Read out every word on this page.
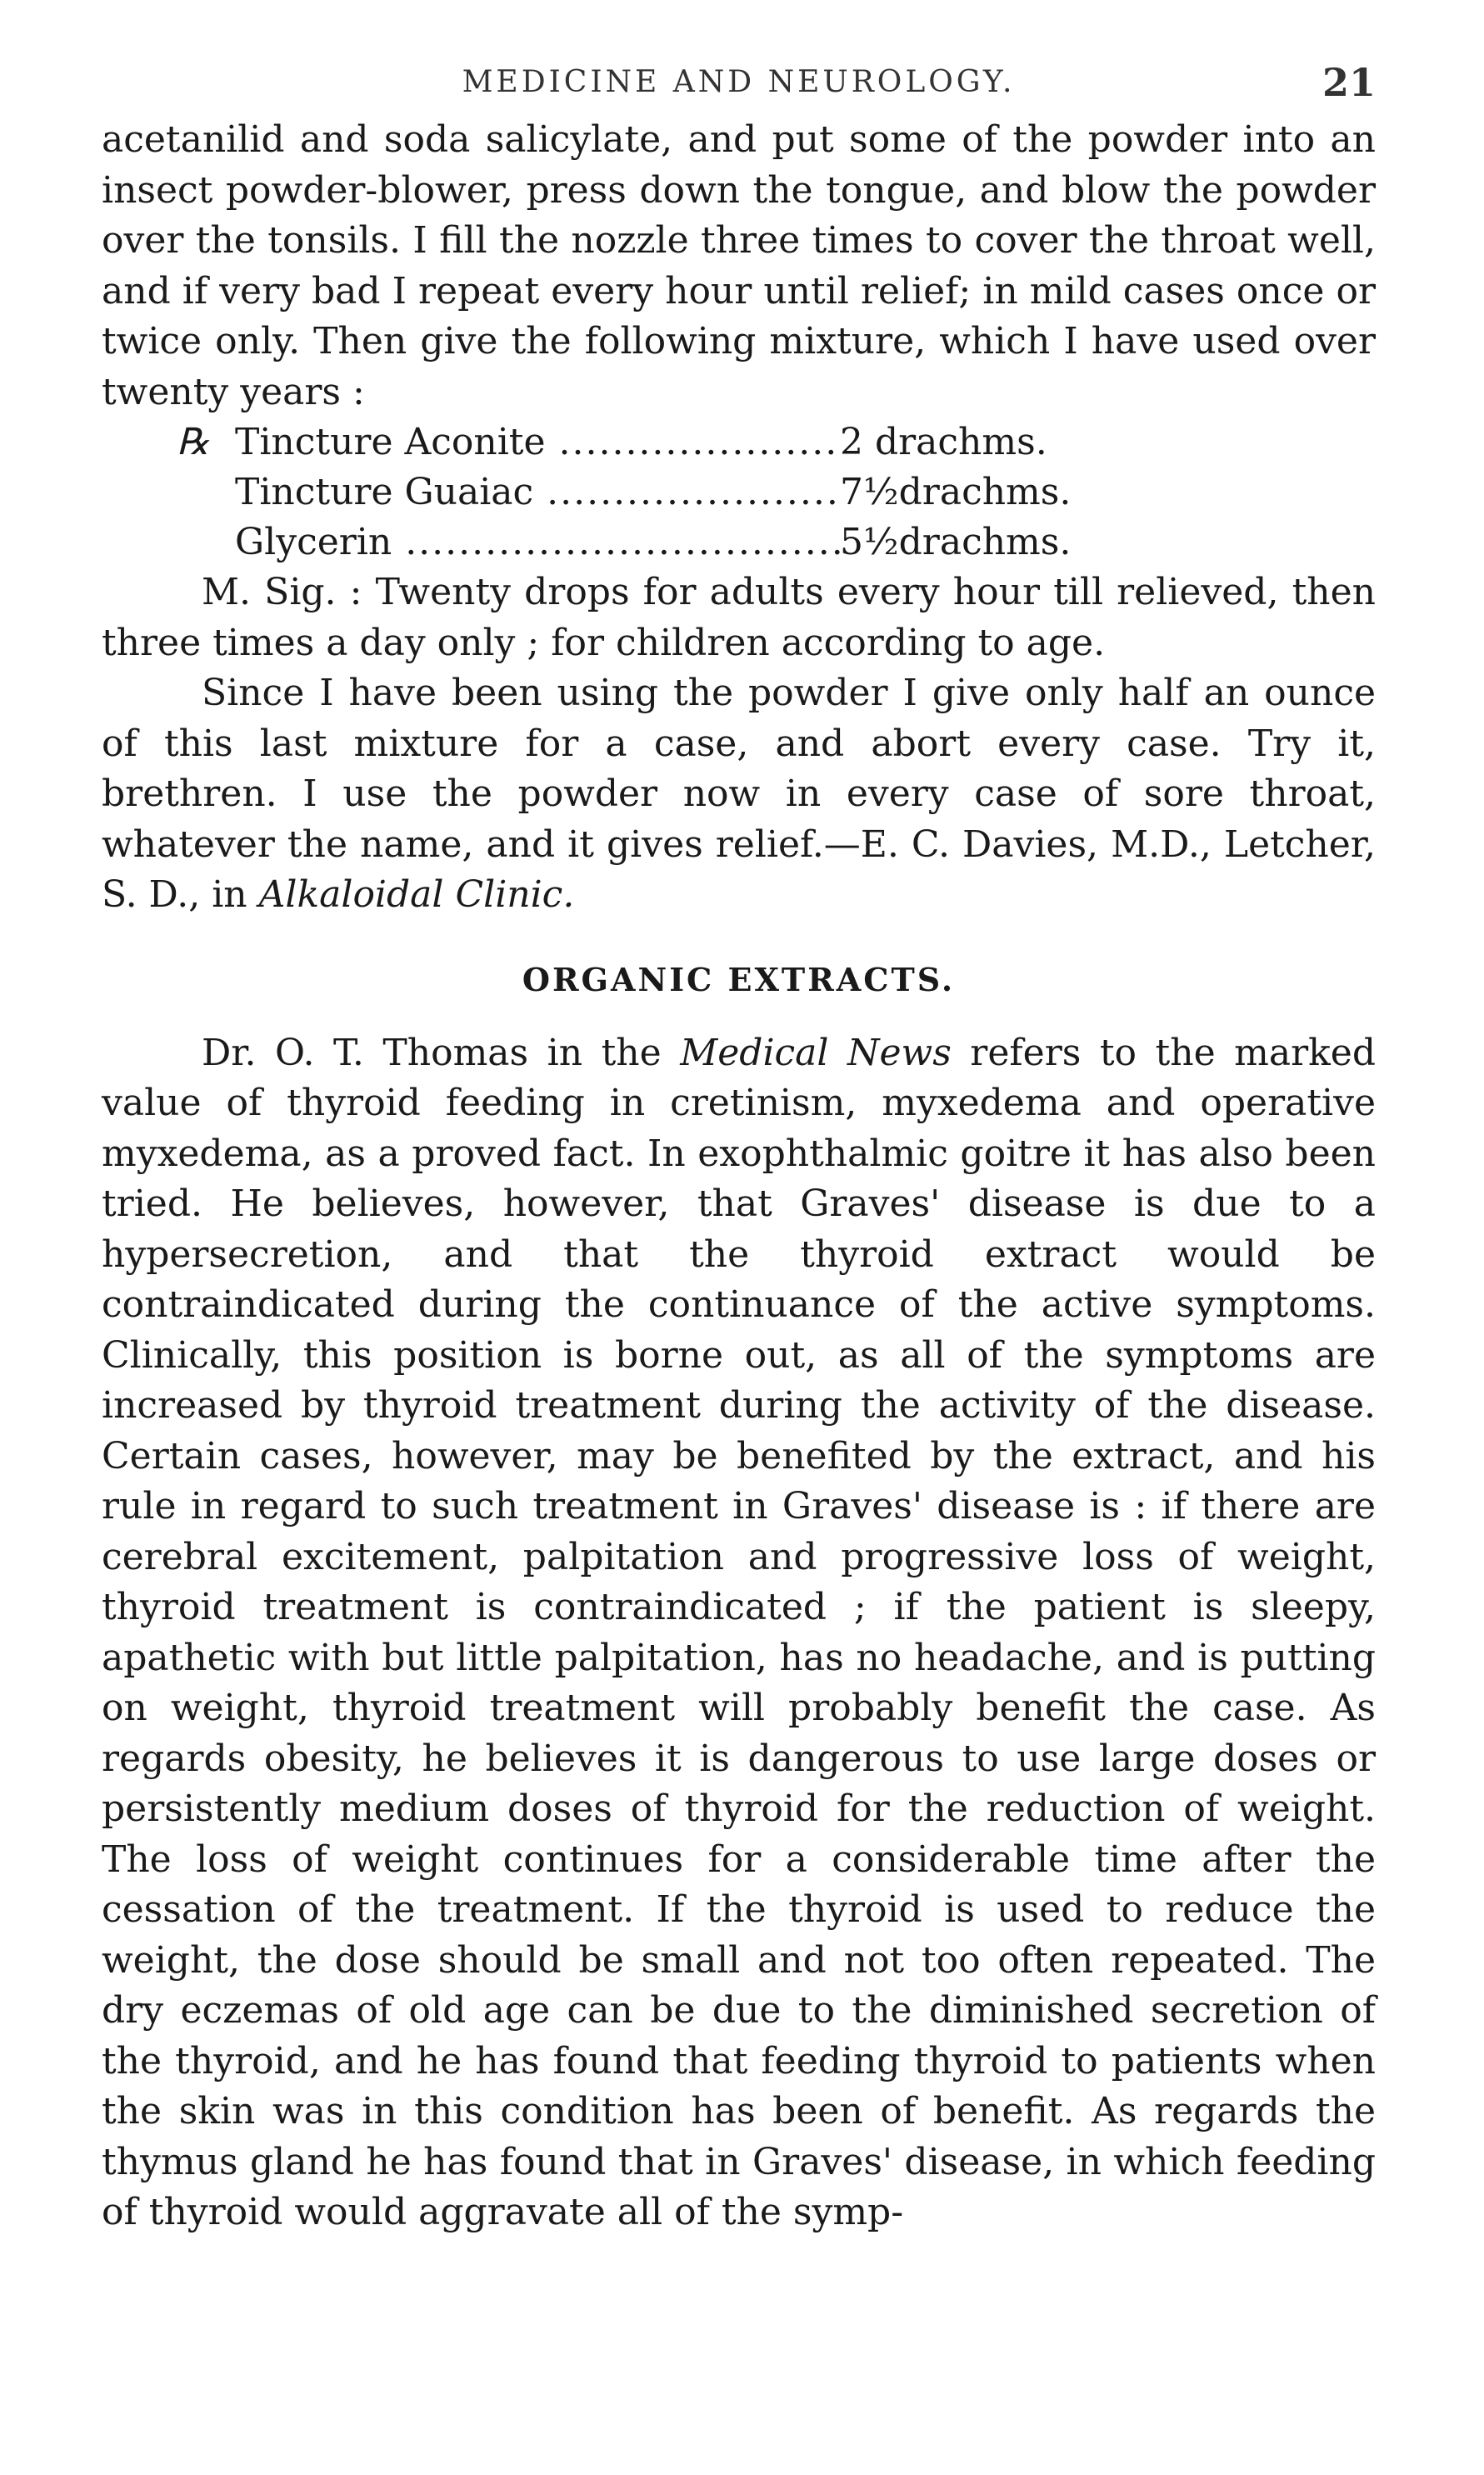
MEDICINE AND NEUROLOGY.	21

acetanilid and soda salicylate, and put some of the powder into an insect powder-blower, press down the tongue, and blow the powder over the tonsils. I fill the nozzle three times to cover the throat well, and if very bad I repeat every hour until relief; in mild cases once or twice only. Then give the following mixture, which I have used over twenty years :

℞ Tincture Aconite .....	2 drachms.
Tincture Guaiac .....	7½drachms.
Glycerin .....	5½drachms.

M. Sig. : Twenty drops for adults every hour till relieved, then three times a day only ; for children according to age.

Since I have been using the powder I give only half an ounce of this last mixture for a case, and abort every case. Try it, brethren. I use the powder now in every case of sore throat, whatever the name, and it gives relief.—E. C. Davies, M.D., Letcher, S. D., in Alkaloidal Clinic.

ORGANIC EXTRACTS.

Dr. O. T. Thomas in the Medical News refers to the marked value of thyroid feeding in cretinism, myxedema and operative myxedema, as a proved fact. In exophthalmic goitre it has also been tried. He believes, however, that Graves' disease is due to a hypersecretion, and that the thyroid extract would be contraindicated during the continuance of the active symptoms. Clinically, this position is borne out, as all of the symptoms are increased by thyroid treatment during the activity of the disease. Certain cases, however, may be benefited by the extract, and his rule in regard to such treatment in Graves' disease is : if there are cerebral excitement, palpitation and progressive loss of weight, thyroid treatment is contraindicated ; if the patient is sleepy, apathetic with but little palpitation, has no headache, and is putting on weight, thyroid treatment will probably benefit the case. As regards obesity, he believes it is dangerous to use large doses or persistently medium doses of thyroid for the reduction of weight. The loss of weight continues for a considerable time after the cessation of the treatment. If the thyroid is used to reduce the weight, the dose should be small and not too often repeated. The dry eczemas of old age can be due to the diminished secretion of the thyroid, and he has found that feeding thyroid to patients when the skin was in this condition has been of benefit. As regards the thymus gland he has found that in Graves' disease, in which feeding of thyroid would aggravate all of the symp-
